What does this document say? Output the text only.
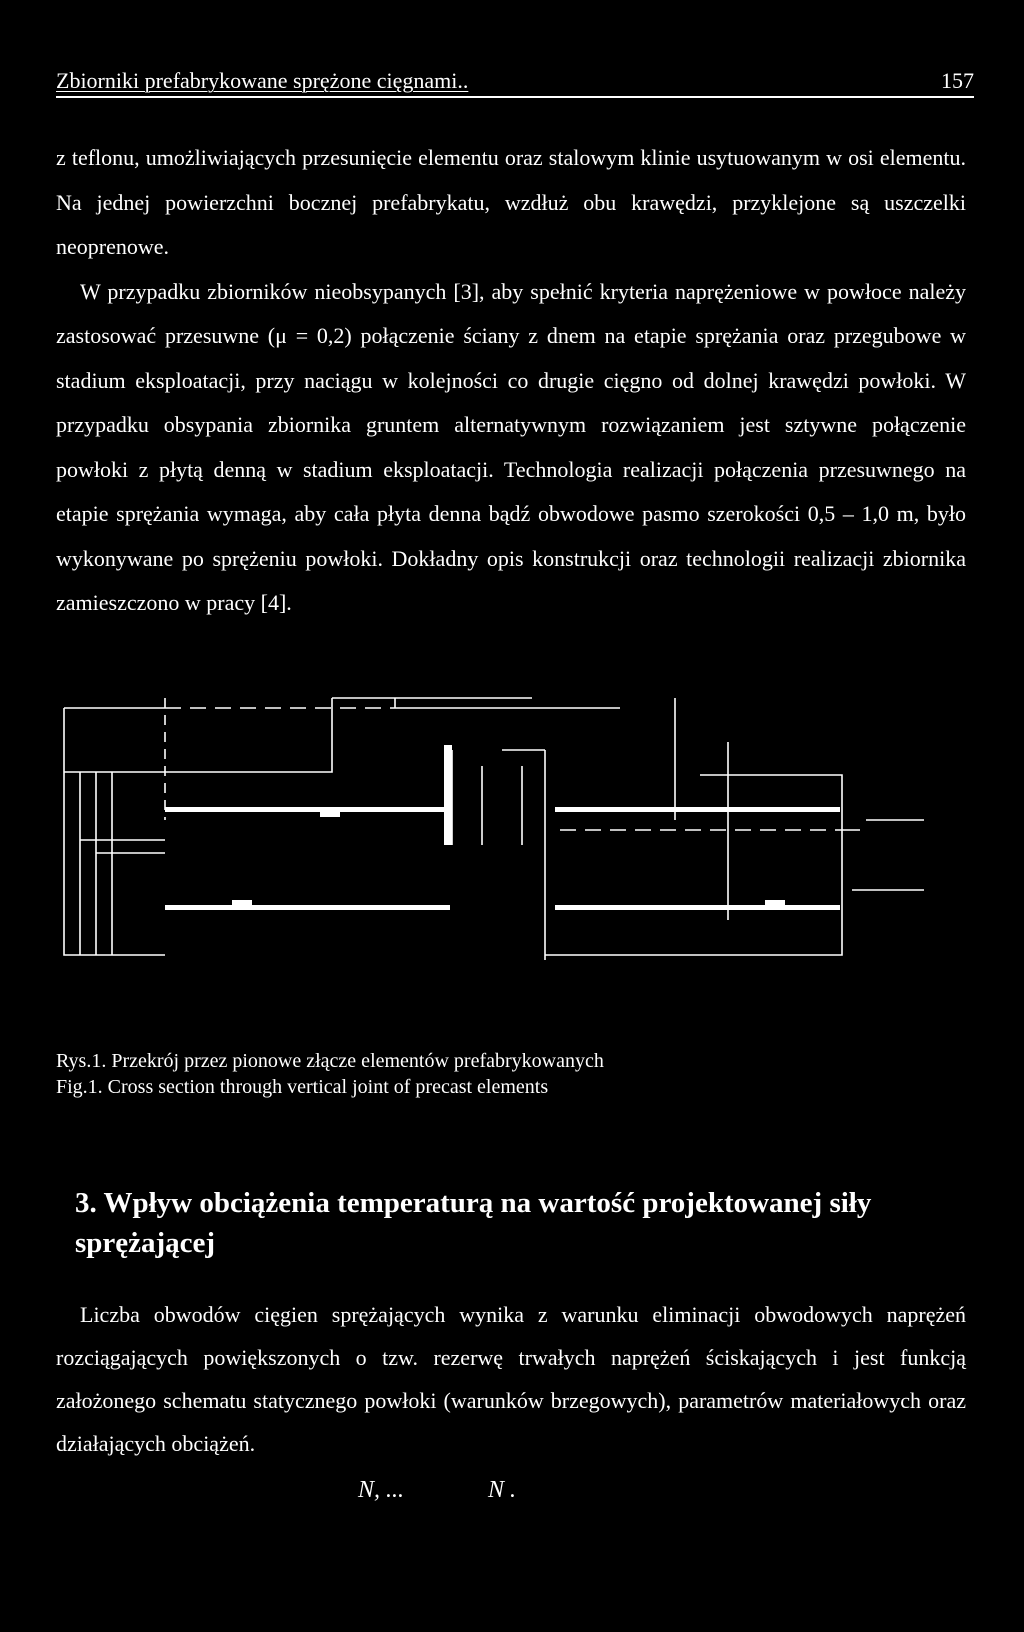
Zbiorniki prefabrykowane sprężone cięgnami..	157

z teflonu, umożliwiających przesunięcie elementu oraz stalowym klinie usytuowanym w osi elementu. Na jednej powierzchni bocznej prefabrykatu, wzdłuż obu krawędzi, przyklejone są uszczelki neoprenowe.

W przypadku zbiorników nieobsypanych [3], aby spełnić kryteria naprężeniowe w powłoce należy zastosować przesuwne (μ = 0,2) połączenie ściany z dnem na etapie sprężania oraz przegubowe w stadium eksploatacji, przy naciągu w kolejności co drugie cięgno od dolnej krawędzi powłoki. W przypadku obsypania zbiornika gruntem alternatywnym rozwiązaniem jest sztywne połączenie powłoki z płytą denną w stadium eksploatacji. Technologia realizacji połączenia przesuwnego na etapie sprężania wymaga, aby cała płyta denna bądź obwodowe pasmo szerokości 0,5 – 1,0 m, było wykonywane po sprężeniu powłoki. Dokładny opis konstrukcji oraz technologii realizacji zbiornika zamieszczono w pracy [4].

Rys.1. Przekrój przez pionowe złącze elementów prefabrykowanych
Fig.1. Cross section through vertical joint of precast elements
3. Wpływ obciążenia temperaturą na wartość projektowanej siły sprężającej

Liczba obwodów cięgien sprężających wynika z warunku eliminacji obwodowych naprężeń rozciągających powiększonych o tzw. rezerwę trwałych naprężeń ściskających i jest funkcją założonego schematu statycznego powłoki (warunków brzegowych), parametrów materiałowych oraz działających obciążeń.

N, ...	N .
